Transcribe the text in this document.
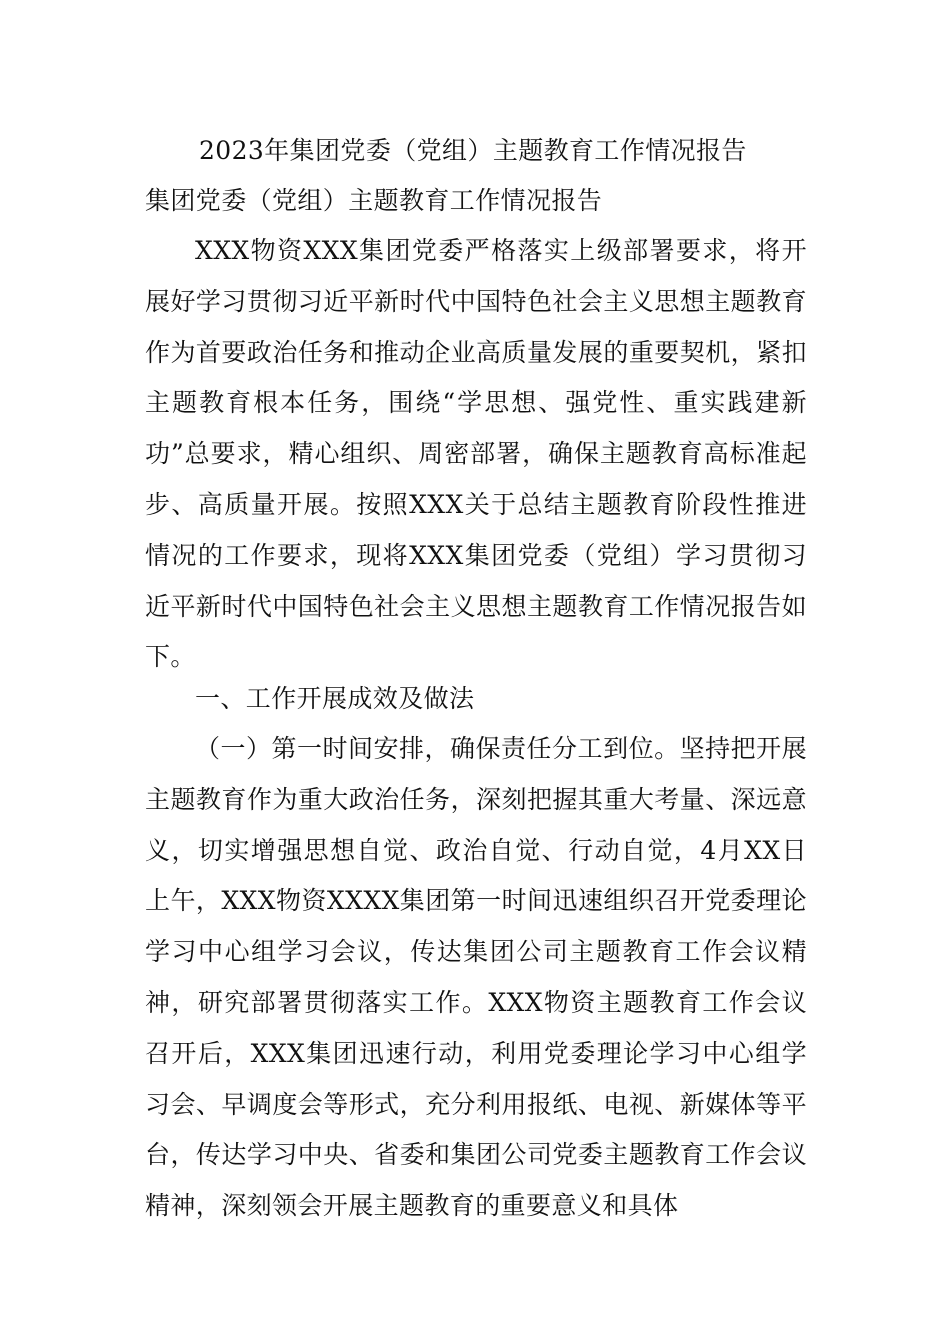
2023年集团党委（党组）主题教育工作情况报告
集团党委（党组）主题教育工作情况报告
XXX物资XXX集团党委严格落实上级部署要求，将开展好学习贯彻习近平新时代中国特色社会主义思想主题教育作为首要政治任务和推动企业高质量发展的重要契机，紧扣主题教育根本任务，围绕“学思想、强党性、重实践建新功”总要求，精心组织、周密部署，确保主题教育高标准起步、高质量开展。按照XXX关于总结主题教育阶段性推进情况的工作要求，现将XXX集团党委（党组）学习贯彻习近平新时代中国特色社会主义思想主题教育工作情况报告如下。
一、工作开展成效及做法
（一）第一时间安排，确保责任分工到位。坚持把开展主题教育作为重大政治任务，深刻把握其重大考量、深远意义，切实增强思想自觉、政治自觉、行动自觉，4月XX日上午，XXX物资XXXX集团第一时间迅速组织召开党委理论学习中心组学习会议，传达集团公司主题教育工作会议精神，研究部署贯彻落实工作。XXX物资主题教育工作会议召开后，XXX集团迅速行动，利用党委理论学习中心组学习会、早调度会等形式，充分利用报纸、电视、新媒体等平台，传达学习中央、省委和集团公司党委主题教育工作会议精神，深刻领会开展主题教育的重要意义和具体
